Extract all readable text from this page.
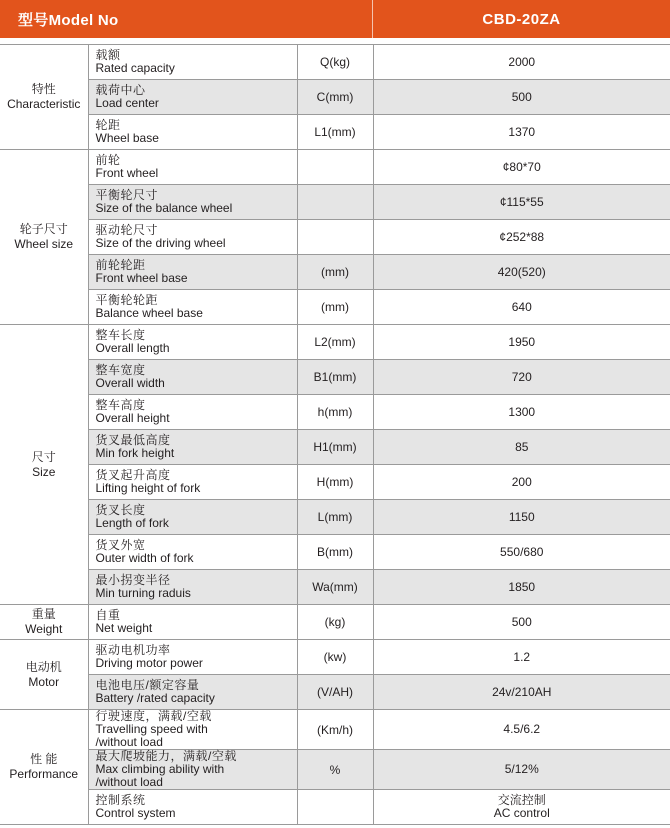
型号Model No	CBD-20ZA
特性
Characteristic	载额
Rated capacity	Q(kg)	2000

	载荷中心
Load center	C(mm)	500

	轮距
Wheel base	L1(mm)	1370

轮子尺寸
Wheel size	前轮
Front wheel		¢80*70

	平衡轮尺寸
Size of the balance wheel		¢115*55

	驱动轮尺寸
Size of the driving wheel		¢252*88

	前轮轮距
Front wheel base	(mm)	420(520)

	平衡轮轮距
Balance wheel base	(mm)	640

尺寸
Size	整车长度
Overall length	L2(mm)	1950

	整车宽度
Overall width	B1(mm)	720

	整车高度
Overall height	h(mm)	1300

	货叉最低高度
Min fork height	H1(mm)	85

	货叉起升高度
Lifting height of fork	H(mm)	200

	货叉长度
Length of fork	L(mm)	1150

	货叉外宽
Outer width of fork	B(mm)	550/680

	最小拐变半径
Min turning raduis	Wa(mm)	1850

重量
Weight	自重
Net weight	(kg)	500

电动机
Motor	驱动电机功率
Driving motor power	(kw)	1.2

	电池电压/额定容量
Battery /rated capacity	(V/AH)	24v/210AH

性 能
Performance	行驶速度，满载/空载
Travelling speed with
/without load	(Km/h)	4.5/6.2

	最大爬坡能力，满载/空载
Max climbing ability with
/without load	%	5/12%

	控制系统
Control system		交流控制
AC control
